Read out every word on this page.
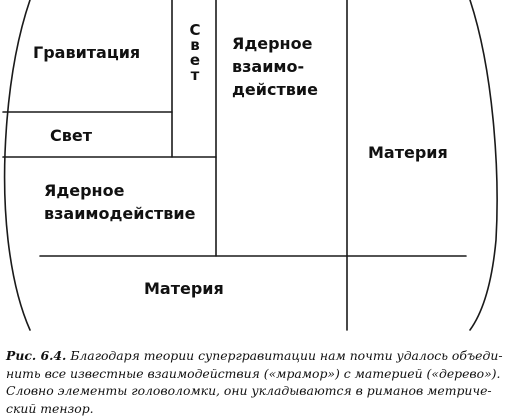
Гравитация
С
в
е
т
Ядерное
взаимо-
действие
Свет
Ядерное
взаимодействие
Материя
Материя
Рис. 6.4. Благодаря теории супергравитации нам почти удалось объединить все известные взаимодействия («мрамор») с материей («дерево»). Словно элементы головоломки, они укладываются в риманов метрический тензор.
